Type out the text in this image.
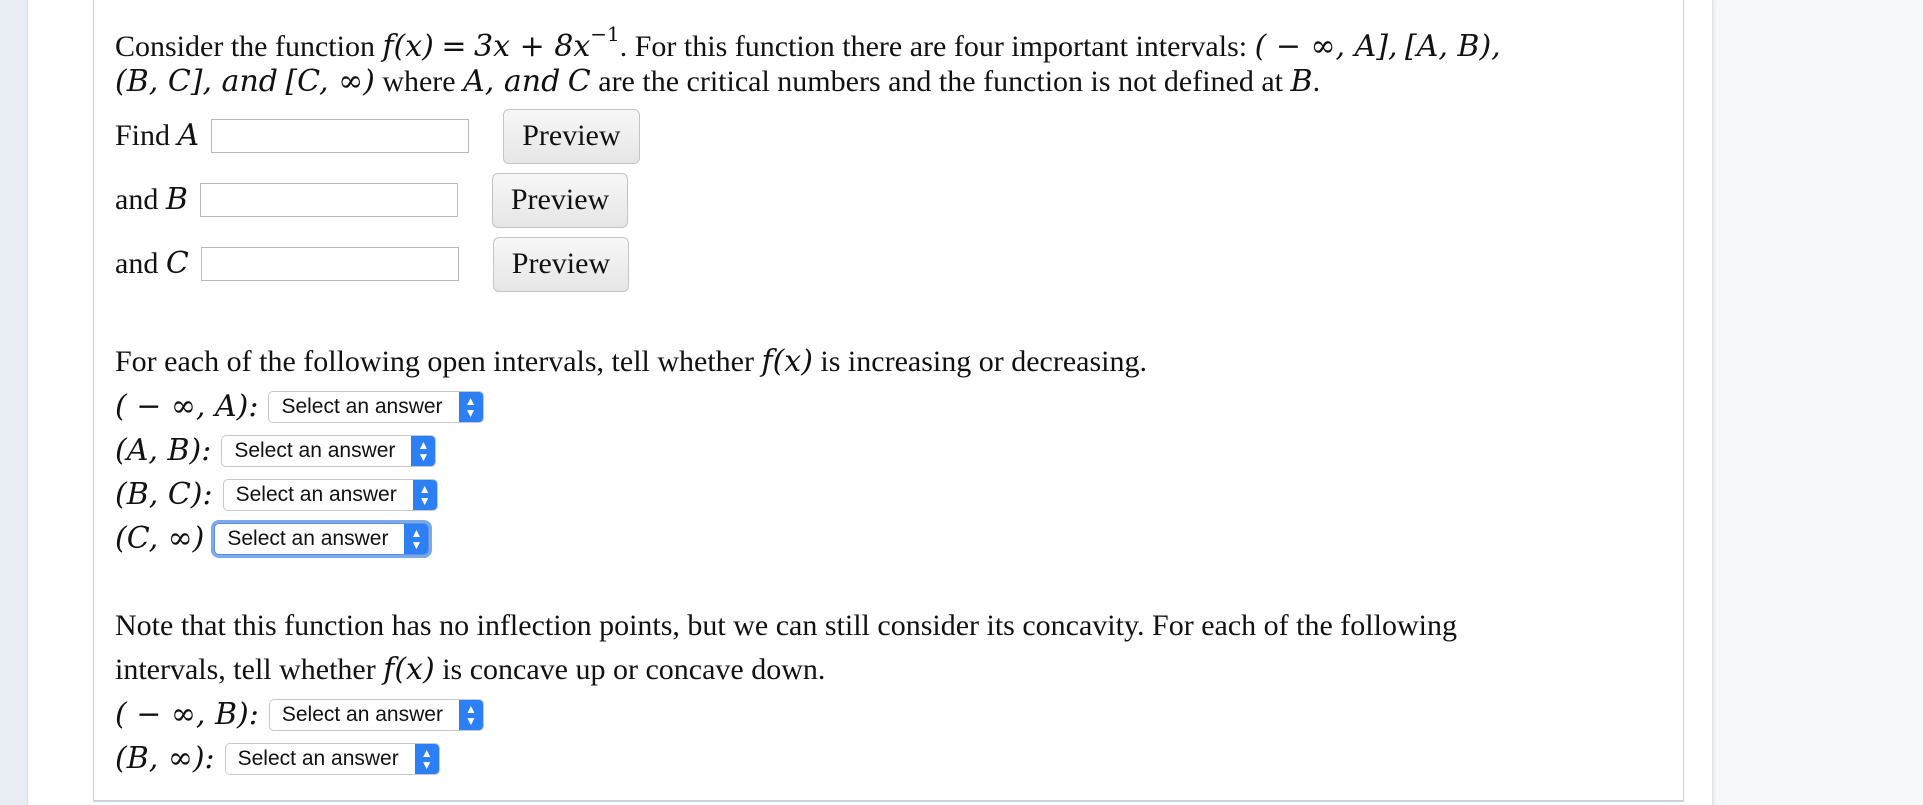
Consider the function $f(x) = 3x + 8x^{-1}$. For this function there are four important intervals: ( − ∞, A], [A, B),
(B, C], and [C, ∞) where A, and C are the critical numbers and the function is not defined at B.
Find
A	Preview
and
B	Preview
and
C	Preview
For each of the following open intervals, tell whether f(x) is increasing or decreasing.
( − ∞, A): Select an answer	▲
▼
(A, B): Select an answer	▲
▼
(B, C): Select an answer	▲
▼
(C, ∞) Select an answer	▲
▼
Note that this function has no inflection points, but we can still consider its concavity. For each of the following
intervals, tell whether f(x) is concave up or concave down.
( − ∞, B): Select an answer	▲
▼
(B, ∞): Select an answer	▲
▼
